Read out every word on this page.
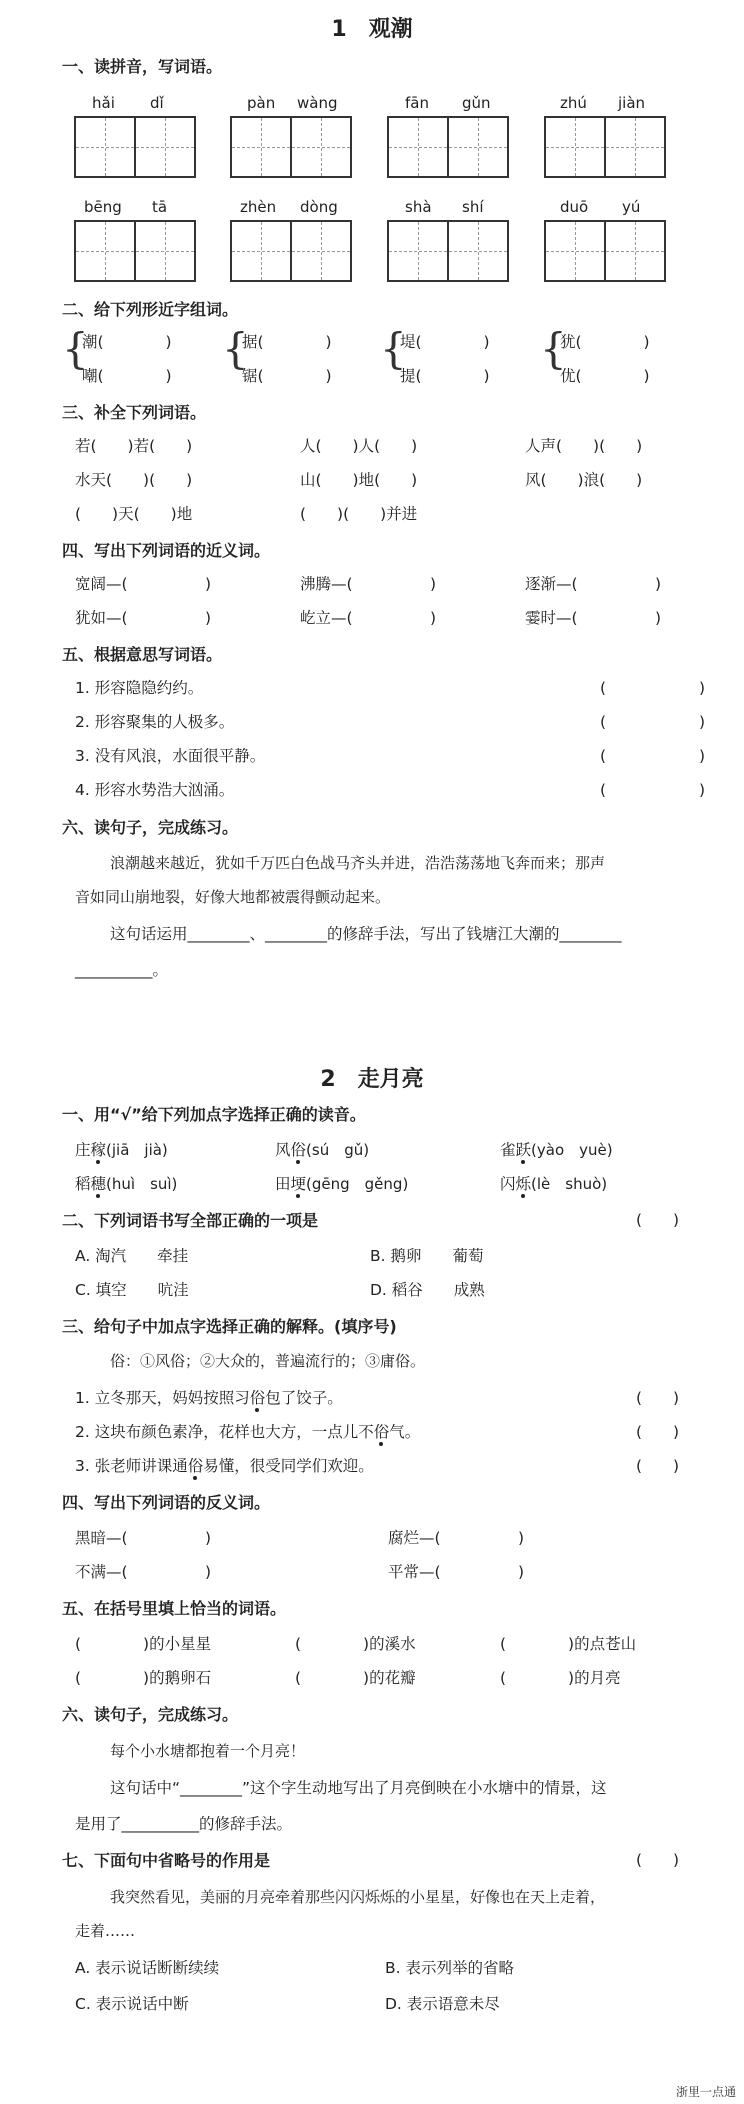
1　观潮
一、读拼音，写词语。
hǎi dǐ	pàn wàng	fān gǔn	zhú jiàn
bēng tā	zhèn dòng	shà shí	duō yú
二、给下列形近字组词。
{
潮(　　　　)
嘲(　　　　)
{
据(　　　　)
锯(　　　　)
{
堤(　　　　)
提(　　　　)
{
犹(　　　　)
优(　　　　)
三、补全下列词语。
若(　　)若(　　)	人(　　)人(　　)	人声(　　)(　　)
水天(　　)(　　)	山(　　)地(　　)	风(　　)浪(　　)
(　　)天(　　)地	(　　)(　　)并进
四、写出下列词语的近义词。
宽阔—(　　　　　)	沸腾—(　　　　　)	逐渐—(　　　　　)
犹如—(　　　　　)	屹立—(　　　　　)	霎时—(　　　　　)
五、根据意思写词语。
1. 形容隐隐约约。	(　　　　　　)
2. 形容聚集的人极多。	(　　　　　　)
3. 没有风浪，水面很平静。	(　　　　　　)
4. 形容水势浩大汹涌。	(　　　　　　)
六、读句子，完成练习。
浪潮越来越近，犹如千万匹白色战马齐头并进，浩浩荡荡地飞奔而来；那声
音如同山崩地裂，好像大地都被震得颤动起来。
这句话运用________、________的修辞手法，写出了钱塘江大潮的________
__________。
2　走月亮
一、用“√”给下列加点字选择正确的读音。
庄稼(jiā　jià)	风俗(sú　gǔ)	雀跃(yào　yuè)
稻穗(huì　suì)	田埂(gēng　gěng)	闪烁(lè　shuò)
二、下列词语书写全部正确的一项是	(　　)
A. 淘汽　　牵挂	B. 鹅卵　　葡萄
C. 填空　　吭洼	D. 稻谷　　成熟
三、给句子中加点字选择正确的解释。(填序号)
俗：①风俗；②大众的，普遍流行的；③庸俗。
1. 立冬那天，妈妈按照习俗包了饺子。	(　　)
2. 这块布颜色素净，花样也大方，一点儿不俗气。	(　　)
3. 张老师讲课通俗易懂，很受同学们欢迎。	(　　)
四、写出下列词语的反义词。
黑暗—(　　　　　)	腐烂—(　　　　　)
不满—(　　　　　)	平常—(　　　　　)
五、在括号里填上恰当的词语。
(　　　　)的小星星	(　　　　)的溪水	(　　　　)的点苍山
(　　　　)的鹅卵石	(　　　　)的花瓣	(　　　　)的月亮
六、读句子，完成练习。
每个小水塘都抱着一个月亮！
这句话中“________”这个字生动地写出了月亮倒映在小水塘中的情景，这
是用了__________的修辞手法。
七、下面句中省略号的作用是	(　　)
我突然看见，美丽的月亮牵着那些闪闪烁烁的小星星，好像也在天上走着，
走着……
A. 表示说话断断续续	B. 表示列举的省略
C. 表示说话中断	D. 表示语意未尽
浙里一点通
